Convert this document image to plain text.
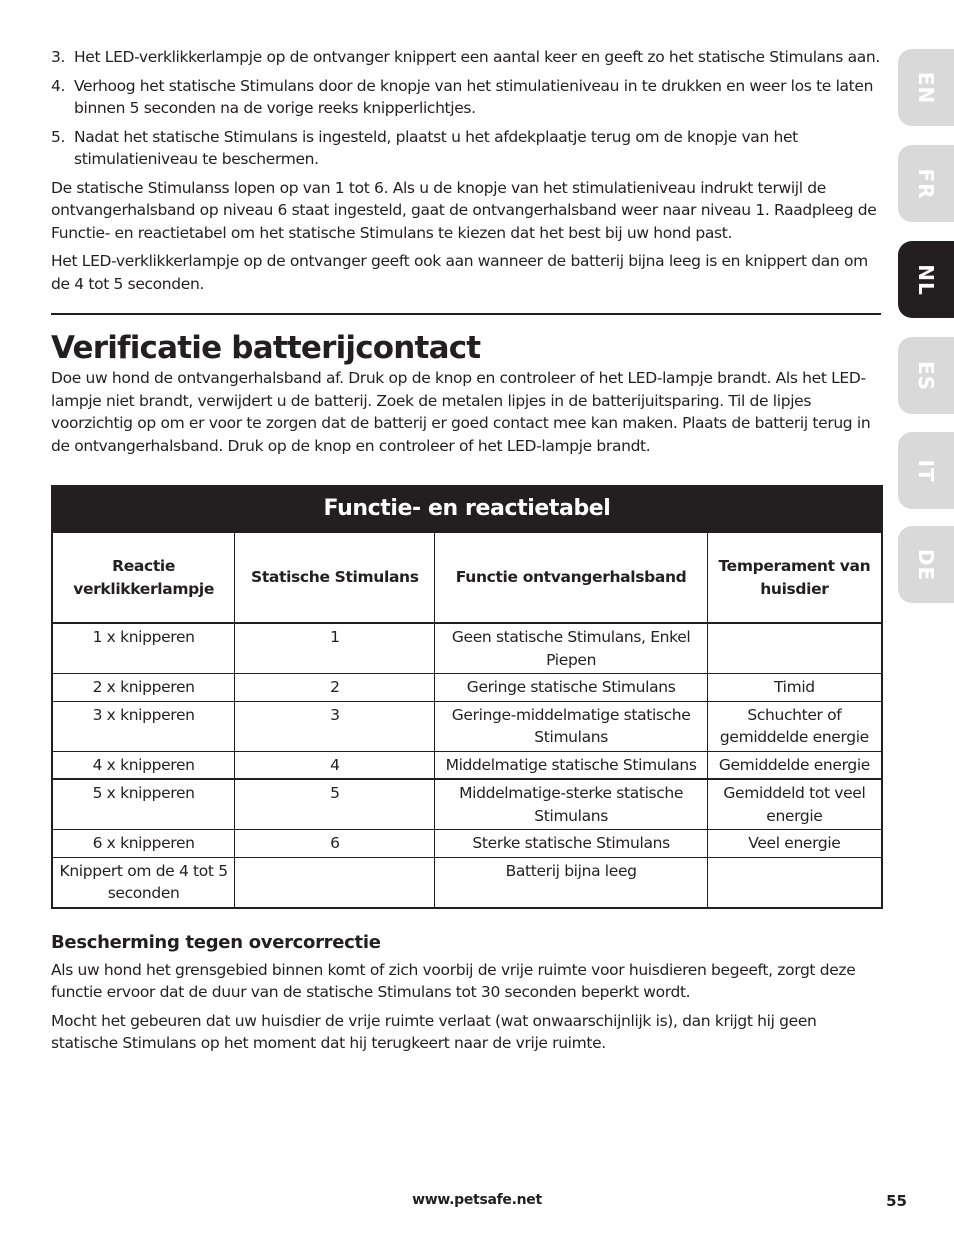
3. Het LED-verklikkerlampje op de ontvanger knippert een aantal keer en geeft zo het statische Stimulans aan.
4. Verhoog het statische Stimulans door de knopje van het stimulatieniveau in te drukken en weer los te laten binnen 5 seconden na de vorige reeks knipperlichtjes.
5. Nadat het statische Stimulans is ingesteld, plaatst u het afdekplaatje terug om de knopje van het stimulatieniveau te beschermen.

De statische Stimulanss lopen op van 1 tot 6. Als u de knopje van het stimulatieniveau indrukt terwijl de ontvangerhalsband op niveau 6 staat ingesteld, gaat de ontvangerhalsband weer naar niveau 1. Raadpleeg de Functie- en reactietabel om het statische Stimulans te kiezen dat het best bij uw hond past.

Het LED-verklikkerlampje op de ontvanger geeft ook aan wanneer de batterij bijna leeg is en knippert dan om de 4 tot 5 seconden.

Verificatie batterijcontact

Doe uw hond de ontvangerhalsband af. Druk op de knop en controleer of het LED-lampje brandt. Als het LED-lampje niet brandt, verwijdert u de batterij. Zoek de metalen lipjes in de batterijuitsparing. Til de lipjes voorzichtig op om er voor te zorgen dat de batterij er goed contact mee kan maken. Plaats de batterij terug in de ontvangerhalsband. Druk op de knop en controleer of het LED-lampje brandt.

Functie- en reactietabel
Reactie verklikkerlampje	Statische Stimulans	Functie ontvangerhalsband	Temperament van huisdier
1 x knipperen	1	Geen statische Stimulans, Enkel Piepen	
2 x knipperen	2	Geringe statische Stimulans	Timid
3 x knipperen	3	Geringe-middelmatige statische Stimulans	Schuchter of gemiddelde energie
4 x knipperen	4	Middelmatige statische Stimulans	Gemiddelde energie
5 x knipperen	5	Middelmatige-sterke statische Stimulans	Gemiddeld tot veel energie
6 x knipperen	6	Sterke statische Stimulans	Veel energie
Knippert om de 4 tot 5 seconden		Batterij bijna leeg	
Bescherming tegen overcorrectie

Als uw hond het grensgebied binnen komt of zich voorbij de vrije ruimte voor huisdieren begeeft, zorgt deze functie ervoor dat de duur van de statische Stimulans tot 30 seconden beperkt wordt.

Mocht het gebeuren dat uw huisdier de vrije ruimte verlaat (wat onwaarschijnlijk is), dan krijgt hij geen statische Stimulans op het moment dat hij terugkeert naar de vrije ruimte.

EN
FR
NL
ES
IT
DE
www.petsafe.net	55
